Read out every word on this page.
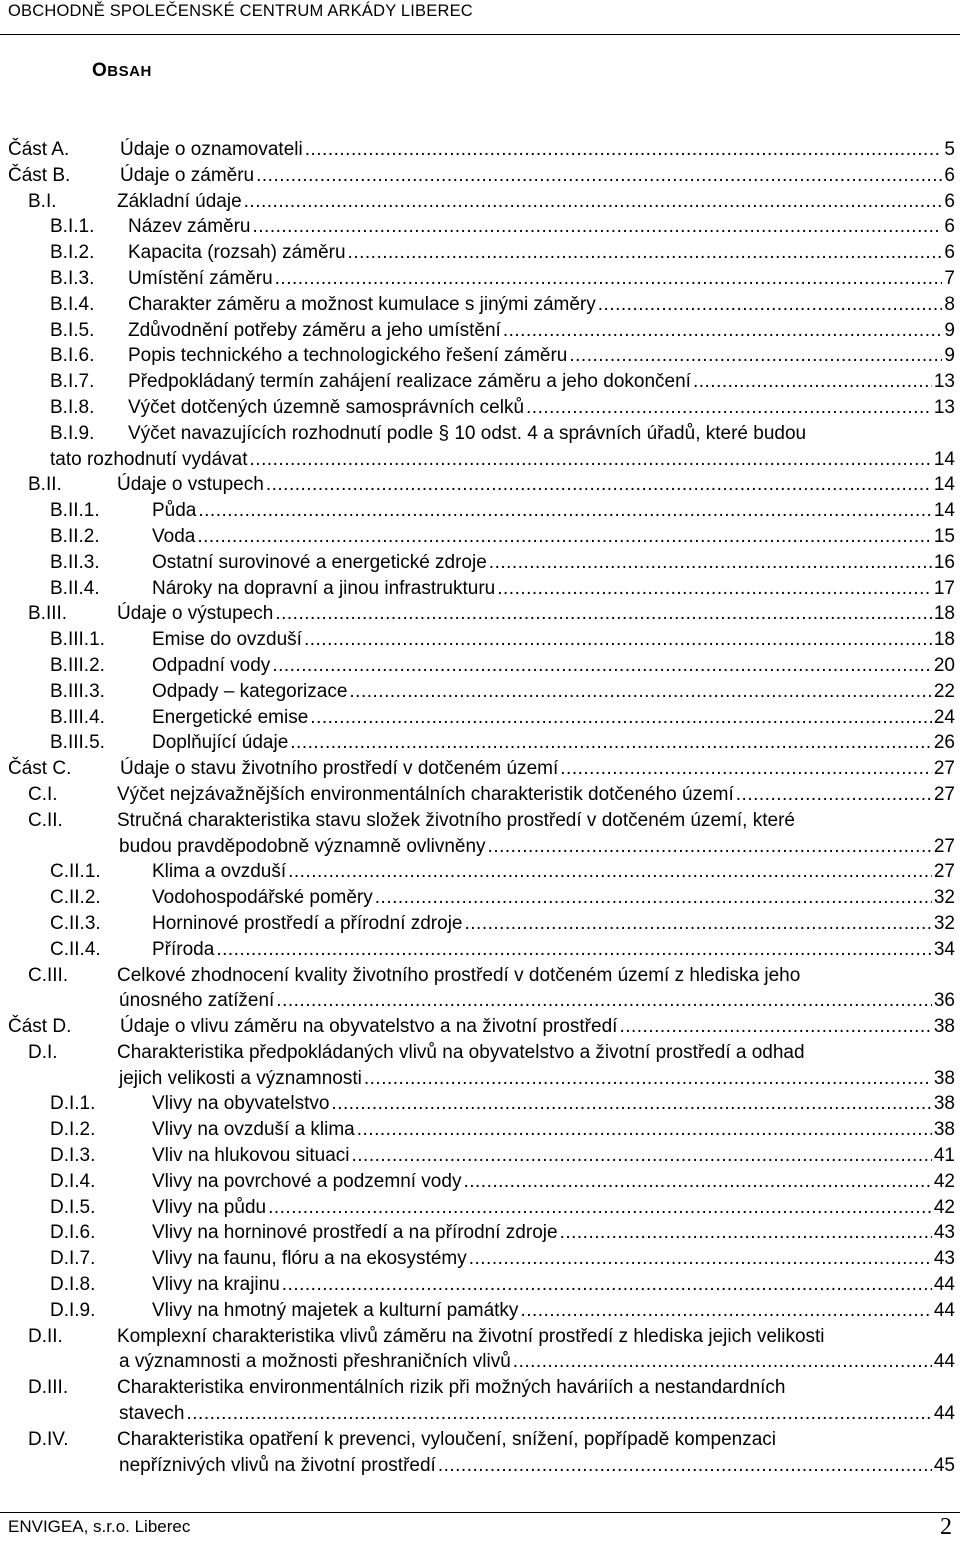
OBCHODNĚ SPOLEČENSKÉ CENTRUM ARKÁDY LIBEREC
OBSAH
Část A.	Údaje o oznamovateli .....	5
Část B.	Údaje o záměru .....	6
B.I.	Základní údaje .....	6
B.I.1. Název záměru .....	6
B.I.2. Kapacita (rozsah) záměru .....	6
B.I.3. Umístění záměru .....	7
B.I.4. Charakter záměru a možnost kumulace s jinými záměry .....	8
B.I.5. Zdůvodnění potřeby záměru a jeho umístění .....	9
B.I.6. Popis technického a technologického řešení záměru .....	9
B.I.7. Předpokládaný termín zahájení realizace záměru a jeho dokončení .....	13
B.I.8. Výčet dotčených územně samosprávních celků .....	13
B.I.9. Výčet navazujících rozhodnutí podle § 10 odst. 4 a správních úřadů, které budou
tato rozhodnutí vydávat .....	14
B.II.	Údaje o vstupech .....	14
B.II.1.	Půda .....	14
B.II.2.	Voda .....	15
B.II.3.	Ostatní surovinové a energetické zdroje .....	16
B.II.4.	Nároky na dopravní a jinou infrastrukturu .....	17
B.III.	Údaje o výstupech .....	18
B.III.1. Emise do ovzduší .....	18
B.III.2. Odpadní vody .....	20
B.III.3. Odpady – kategorizace .....	22
B.III.4. Energetické emise .....	24
B.III.5. Doplňující údaje .....	26
Část C.	Údaje o stavu životního prostředí v dotčeném území .....	27
C.I.	Výčet nejzávažnějších environmentálních charakteristik dotčeného území .....	27
C.II.	Stručná charakteristika stavu složek životního prostředí v dotčeném území, které
budou pravděpodobně významně ovlivněny .....	27
C.II.1.	Klima a ovzduší .....	27
C.II.2.	Vodohospodářské poměry .....	32
C.II.3.	Horninové prostředí a přírodní zdroje .....	32
C.II.4.	Příroda .....	34
C.III.	Celkové zhodnocení kvality životního prostředí v dotčeném území z hlediska jeho
únosného zatížení .....	36
Část D.	Údaje o vlivu záměru na obyvatelstvo a na životní prostředí .....	38
D.I.	Charakteristika předpokládaných vlivů na obyvatelstvo a životní prostředí a odhad
jejich velikosti a významnosti .....	38
D.I.1.	Vlivy na obyvatelstvo .....	38
D.I.2.	Vlivy na ovzduší a klima .....	38
D.I.3.	Vliv na hlukovou situaci .....	41
D.I.4.	Vlivy na povrchové a podzemní vody .....	42
D.I.5.	Vlivy na půdu .....	42
D.I.6.	Vlivy na horninové prostředí a na přírodní zdroje .....	43
D.I.7.	Vlivy na faunu, flóru a na ekosystémy .....	43
D.I.8.	Vlivy na krajinu .....	44
D.I.9.	Vlivy na hmotný majetek a kulturní památky .....	44
D.II.	Komplexní charakteristika vlivů záměru na životní prostředí z hlediska jejich velikosti
a významnosti a možnosti přeshraničních vlivů .....	44
D.III.	Charakteristika environmentálních rizik při možných haváriích a nestandardních
stavech .....	44
D.IV.	Charakteristika opatření k prevenci, vyloučení, snížení, popřípadě kompenzaci
nepříznivých vlivů na životní prostředí .....	45
ENVIGEA, s.r.o. Liberec	2
